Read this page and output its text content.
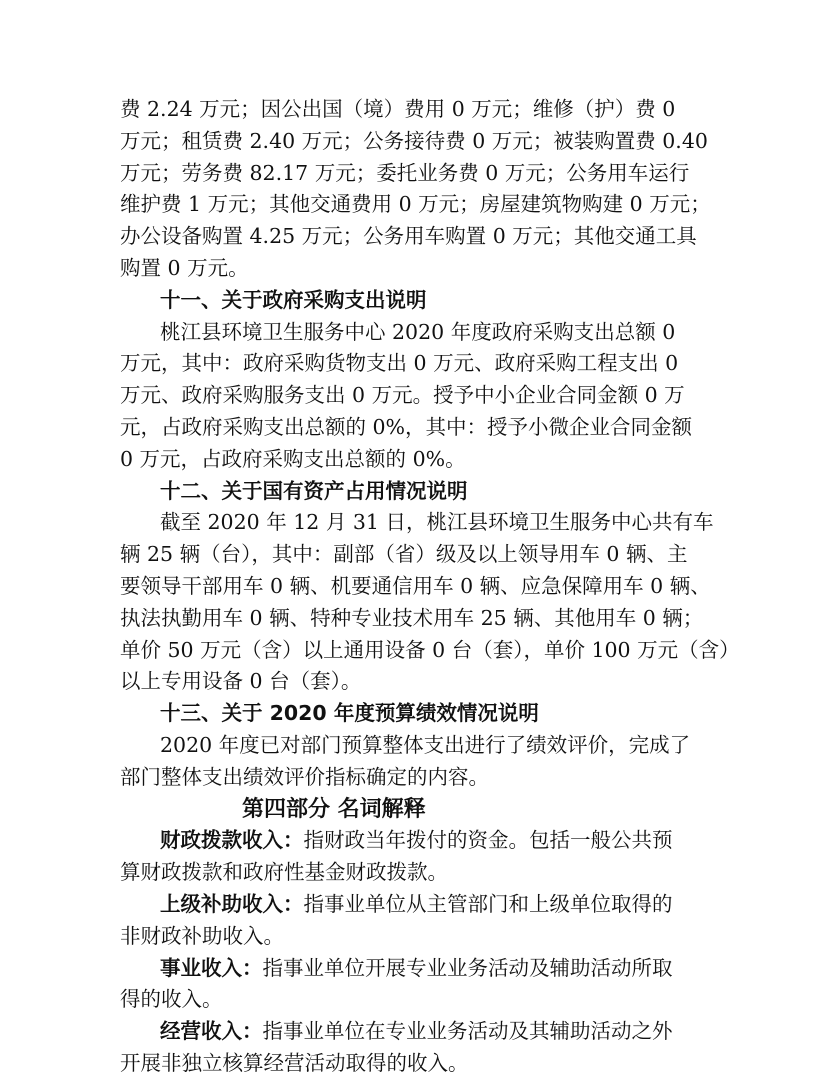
费 2.24 万元；因公出国（境）费用 0 万元；维修（护）费 0
万元；租赁费 2.40 万元；公务接待费 0 万元；被装购置费 0.40
万元；劳务费 82.17 万元；委托业务费 0 万元；公务用车运行
维护费 1 万元；其他交通费用 0 万元；房屋建筑物购建 0 万元；
办公设备购置 4.25 万元；公务用车购置 0 万元；其他交通工具
购置 0 万元。
十一、关于政府采购支出说明
桃江县环境卫生服务中心 2020 年度政府采购支出总额 0
万元，其中：政府采购货物支出 0 万元、政府采购工程支出 0
万元、政府采购服务支出 0 万元。授予中小企业合同金额 0 万
元，占政府采购支出总额的 0%，其中：授予小微企业合同金额
0 万元，占政府采购支出总额的 0%。
十二、关于国有资产占用情况说明
截至 2020 年 12 月 31 日，桃江县环境卫生服务中心共有车
辆 25 辆（台），其中：副部（省）级及以上领导用车 0 辆、主
要领导干部用车 0 辆、机要通信用车 0 辆、应急保障用车 0 辆、
执法执勤用车 0 辆、特种专业技术用车 25 辆、其他用车 0 辆；
单价 50 万元（含）以上通用设备 0 台（套），单价 100 万元（含）
以上专用设备 0 台（套）。
十三、关于 2020 年度预算绩效情况说明
2020 年度已对部门预算整体支出进行了绩效评价，完成了
部门整体支出绩效评价指标确定的内容。
第四部分 名词解释
财政拨款收入：指财政当年拨付的资金。包括一般公共预
算财政拨款和政府性基金财政拨款。
上级补助收入：指事业单位从主管部门和上级单位取得的
非财政补助收入。
事业收入：指事业单位开展专业业务活动及辅助活动所取
得的收入。
经营收入：指事业单位在专业业务活动及其辅助活动之外
开展非独立核算经营活动取得的收入。
